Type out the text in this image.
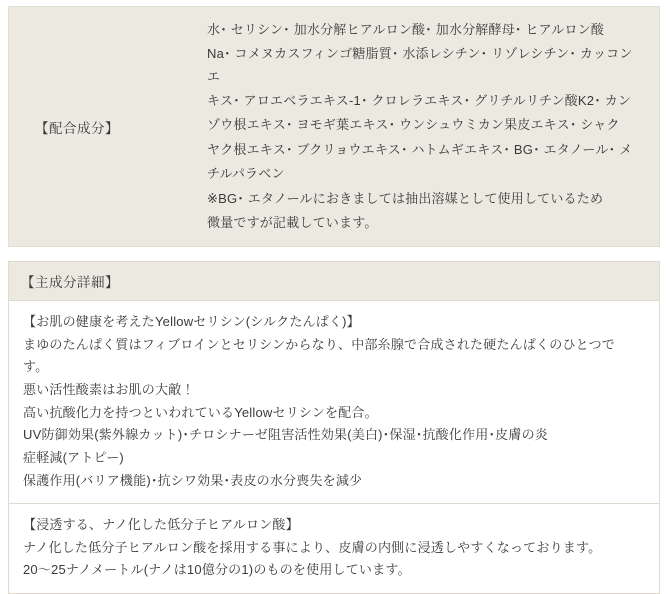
【配合成分】

水･ セリシン･ 加水分解ヒアルロン酸･ 加水分解酵母･ ヒアルロン酸

Na･ コメヌカスフィンゴ糖脂質･ 水添レシチン･ リゾレシチン･ カッコンエ

キス･ アロエベラエキス-1･ クロレラエキス･ グリチルリチン酸K2･ カン

ゾウ根エキス･ ヨモギ葉エキス･ ウンシュウミカン果皮エキス･ シャク

ヤク根エキス･ ブクリョウエキス･ ハトムギエキス･ BG･ エタノール･ メ

チルパラベン

※BG･ エタノールにおきましては抽出溶媒として使用しているため

微量ですが記載しています。

【主成分詳細】

【お肌の健康を考えたYellowセリシン(シルクたんぱく)】

まゆのたんぱく質はフィブロインとセリシンからなり、中部糸腺で合成された硬たんぱくのひとつで

す。

悪い活性酸素はお肌の大敵！

高い抗酸化力を持つといわれているYellowセリシンを配合。

UV防御効果(紫外線カット)･チロシナーゼ阻害活性効果(美白)･保湿･抗酸化作用･皮膚の炎

症軽減(アトピー)

保護作用(バリア機能)･抗シワ効果･表皮の水分喪失を減少

【浸透する、ナノ化した低分子ヒアルロン酸】

ナノ化した低分子ヒアルロン酸を採用する事により、皮膚の内側に浸透しやすくなっております。

20〜25ナノメートル(ナノは10億分の1)のものを使用しています。
